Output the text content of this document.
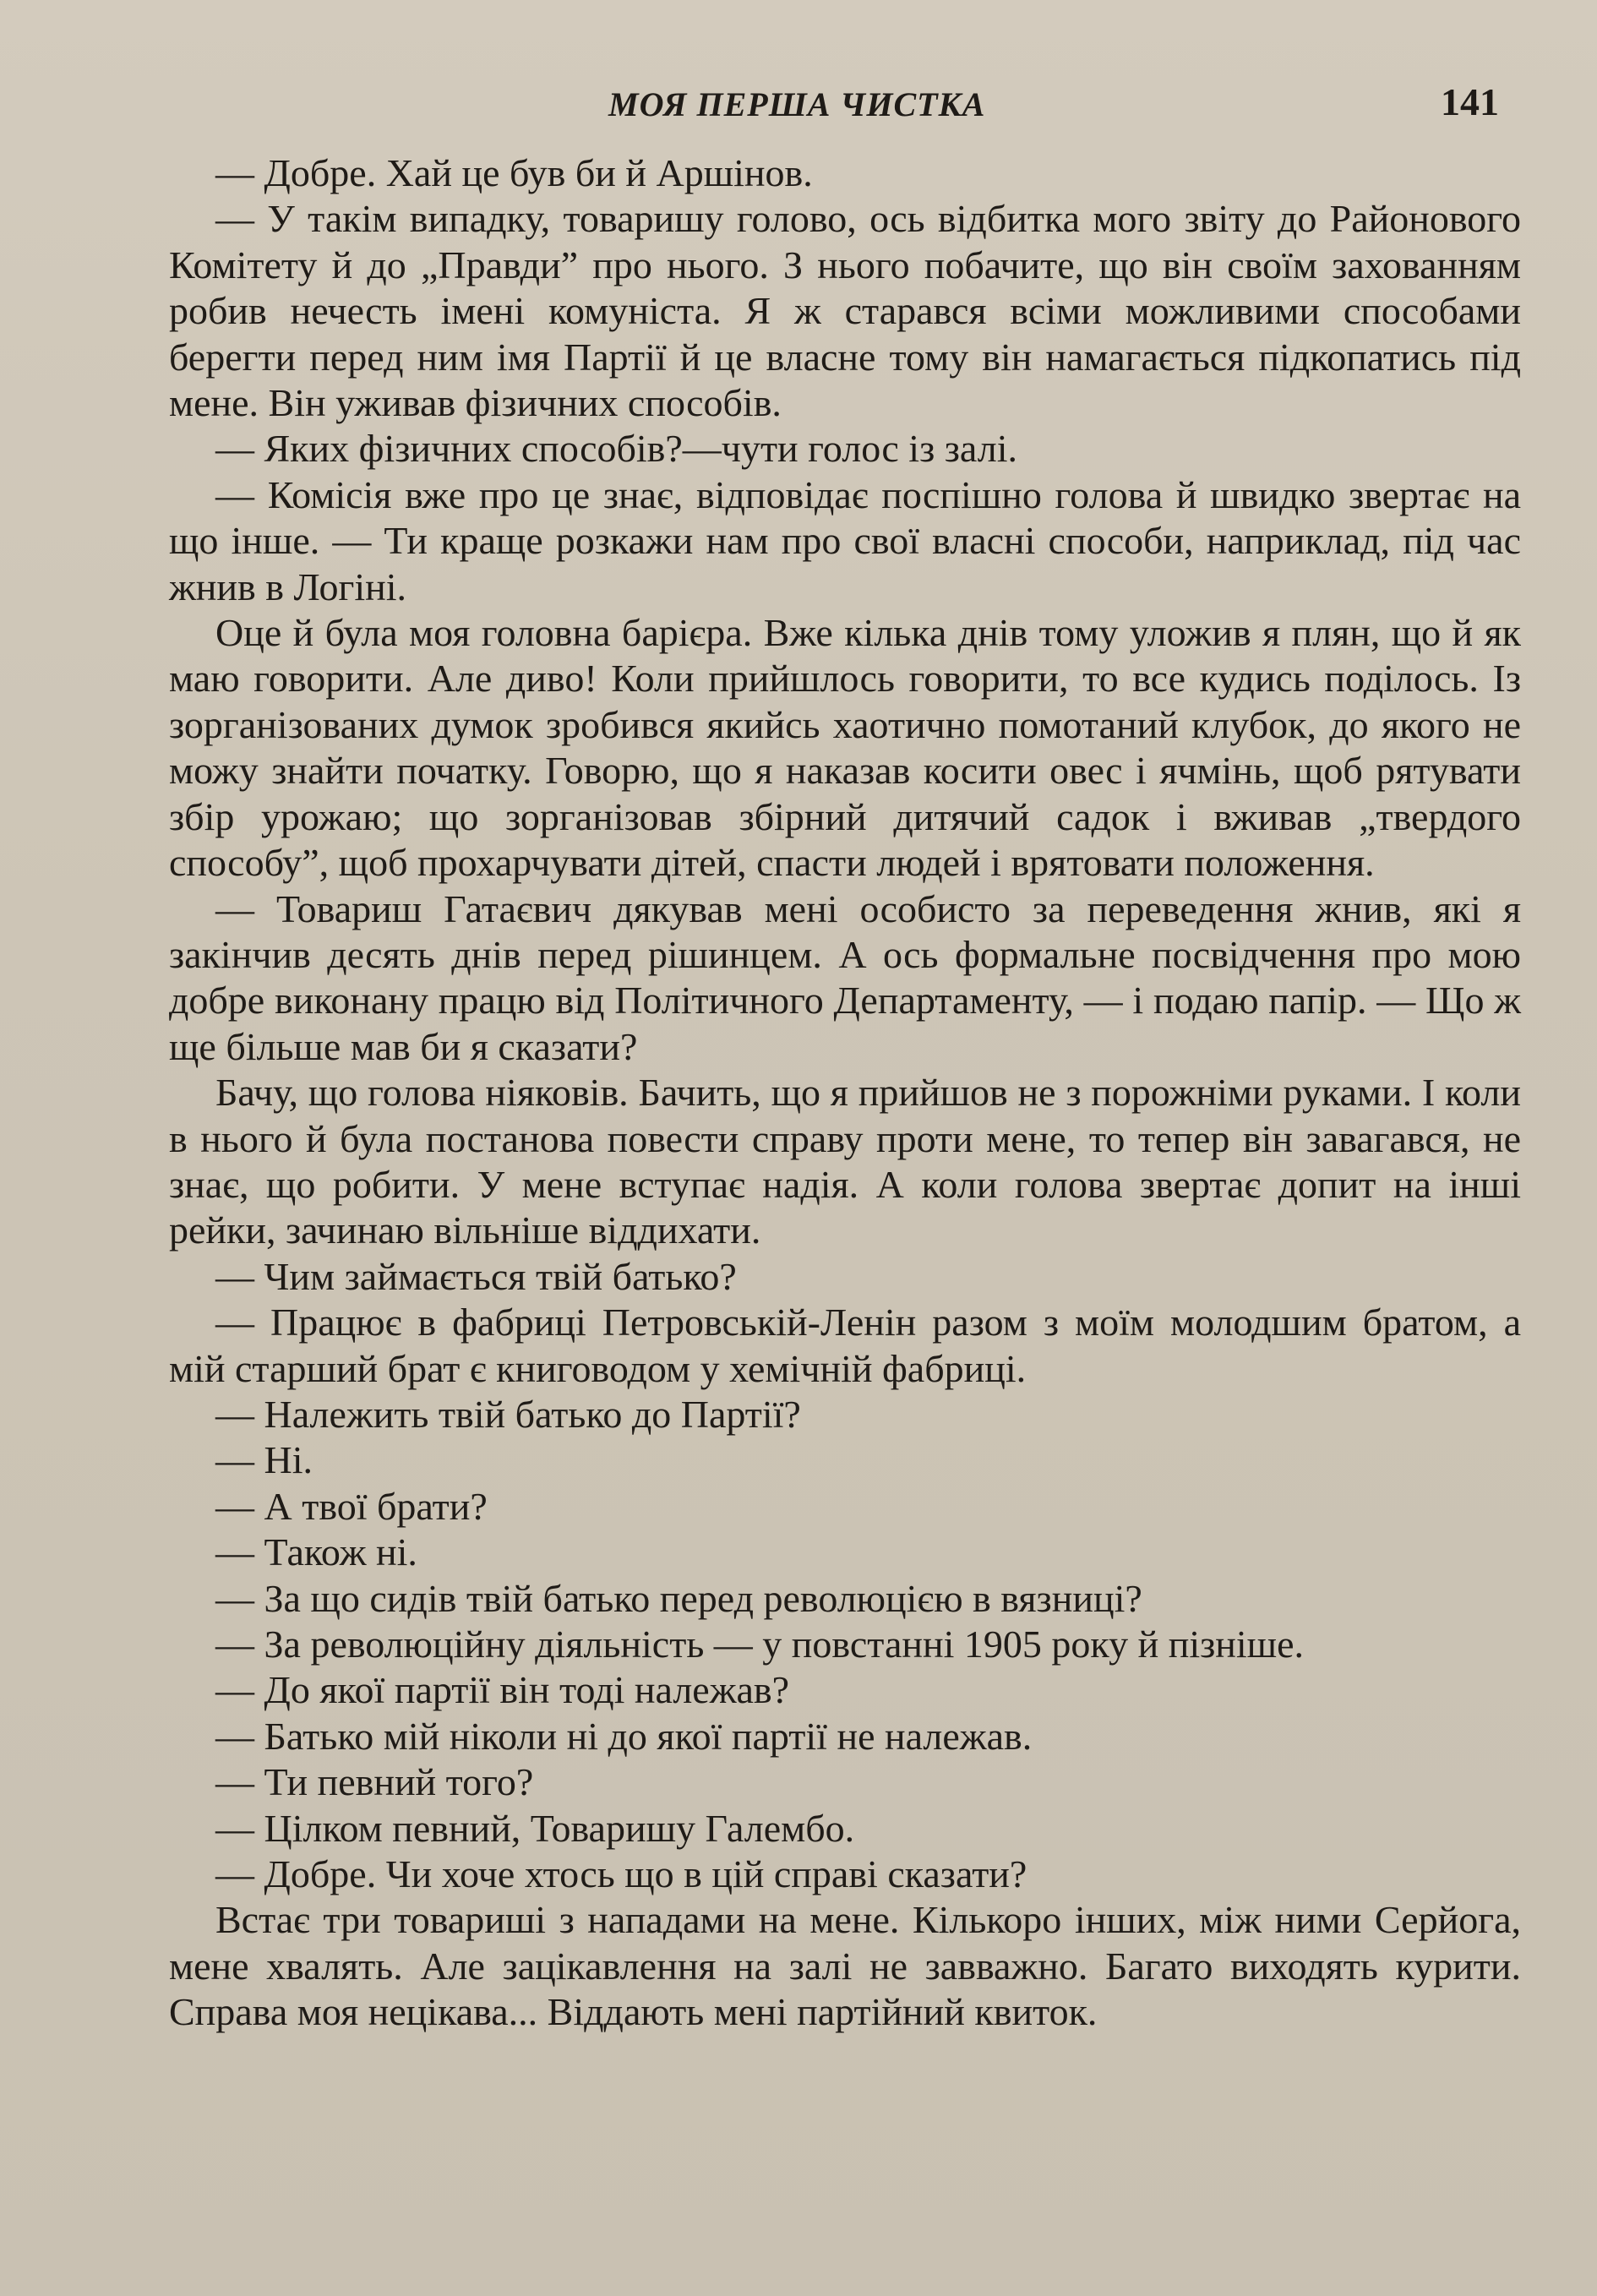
МОЯ ПЕРША ЧИСТКА	141

— Добре. Хай це був би й Аршінов.

— У такім випадку, товаришу голово, ось відбитка мого звіту до Районового Комітету й до „Правди” про нього. З нього побачите, що він своїм захованням робив нечесть імені комуніста. Я ж старався всіми можливими способами берегти перед ним імя Партії й це власне тому він намагається підкопатись під мене. Він уживав фізичних способів.

— Яких фізичних способів?—чути голос із залі.

— Комісія вже про це знає, відповідає поспішно голова й швидко звертає на що інше. — Ти краще розкажи нам про свої власні способи, наприклад, під час жнив в Логіні.

Оце й була моя головна барієра. Вже кілька днів тому уложив я плян, що й як маю говорити. Але диво! Коли прийшлось говорити, то все кудись поділось. Із зорганізованих думок зробився якийсь хаотично помотаний клубок, до якого не можу знайти початку. Говорю, що я наказав косити овес і ячмінь, щоб рятувати збір урожаю; що зорганізовав збірний дитячий садок і вживав „твердого способу”, щоб прохарчувати дітей, спасти людей і врятовати положення.

— Товариш Гатаєвич дякував мені особисто за переведення жнив, які я закінчив десять днів перед рішинцем. А ось формальне посвідчення про мою добре виконану працю від Політичного Департаменту, — і подаю папір. — Що ж ще більше мав би я сказати?

Бачу, що голова ніяковів. Бачить, що я прийшов не з порожніми руками. І коли в нього й була постанова повести справу проти мене, то тепер він завагався, не знає, що робити. У мене вступає надія. А коли голова звертає допит на інші рейки, зачинаю вільніше віддихати.

— Чим займається твій батько?

— Працює в фабриці Петровській-Ленін разом з моїм молодшим братом, а мій старший брат є книговодом у хемічній фабриці.

— Належить твій батько до Партії?

— Ні.

— А твої брати?

— Також ні.

— За що сидів твій батько перед революцією в вязниці?

— За революційну діяльність — у повстанні 1905 року й пізніше.

— До якої партії він тоді належав?

— Батько мій ніколи ні до якої партії не належав.

— Ти певний того?

— Цілком певний, Товаришу Галембо.

— Добре. Чи хоче хтось що в цій справі сказати?

Встає три товариші з нападами на мене. Кількоро інших, між ними Серйога, мене хвалять. Але зацікавлення на залі не завважно. Багато виходять курити. Справа моя нецікава... Віддають мені партійний квиток.
